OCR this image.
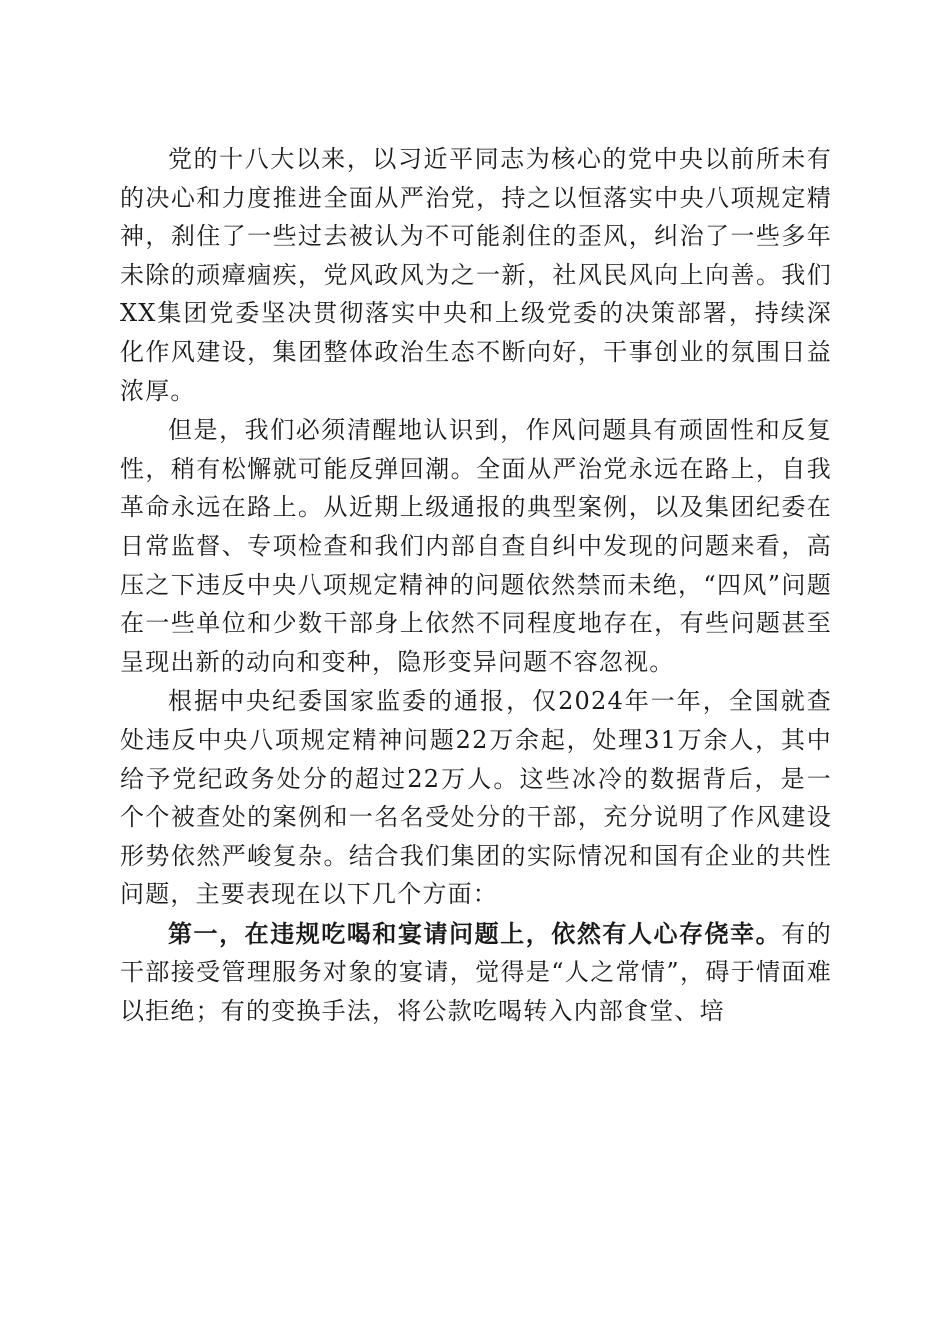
党的十八大以来，以习近平同志为核心的党中央以前所未有的决心和力度推进全面从严治党，持之以恒落实中央八项规定精神，刹住了一些过去被认为不可能刹住的歪风，纠治了一些多年未除的顽瘴痼疾，党风政风为之一新，社风民风向上向善。我们XX集团党委坚决贯彻落实中央和上级党委的决策部署，持续深化作风建设，集团整体政治生态不断向好，干事创业的氛围日益浓厚。

但是，我们必须清醒地认识到，作风问题具有顽固性和反复性，稍有松懈就可能反弹回潮。全面从严治党永远在路上，自我革命永远在路上。从近期上级通报的典型案例，以及集团纪委在日常监督、专项检查和我们内部自查自纠中发现的问题来看，高压之下违反中央八项规定精神的问题依然禁而未绝，“四风”问题在一些单位和少数干部身上依然不同程度地存在，有些问题甚至呈现出新的动向和变种，隐形变异问题不容忽视。

根据中央纪委国家监委的通报，仅2024年一年，全国就查处违反中央八项规定精神问题22万余起，处理31万余人，其中给予党纪政务处分的超过22万人。这些冰冷的数据背后，是一个个被查处的案例和一名名受处分的干部，充分说明了作风建设形势依然严峻复杂。结合我们集团的实际情况和国有企业的共性问题，主要表现在以下几个方面：

第一，在违规吃喝和宴请问题上，依然有人心存侥幸。有的干部接受管理服务对象的宴请，觉得是“人之常情”，碍于情面难以拒绝；有的变换手法，将公款吃喝转入内部食堂、培
